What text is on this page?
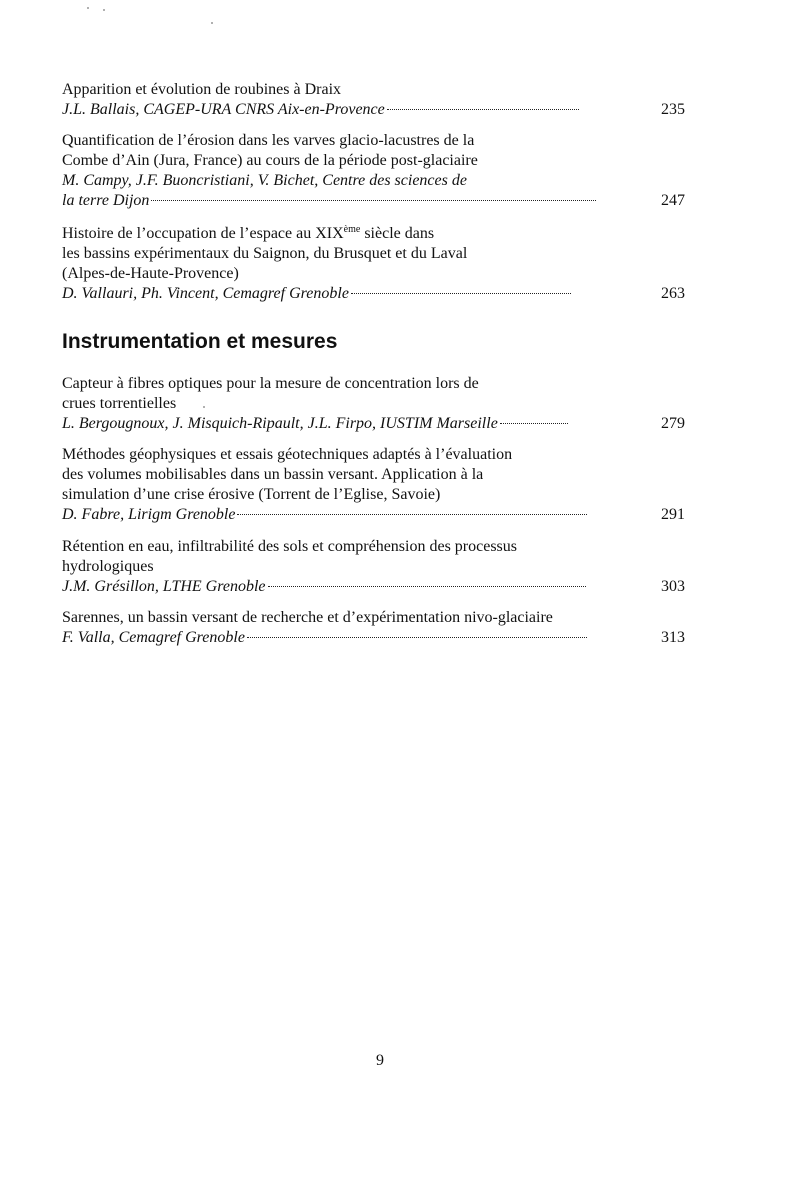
Apparition et évolution de roubines à Draix
J.L. Ballais, CAGEP-URA CNRS Aix-en-Provence	235
Quantification de l’érosion dans les varves glacio-lacustres de la
Combe d’Ain (Jura, France) au cours de la période post-glaciaire
M. Campy, J.F. Buoncristiani, V. Bichet, Centre des sciences de
la terre Dijon	247
Histoire de l’occupation de l’espace au XIXème siècle dans
les bassins expérimentaux du Saignon, du Brusquet et du Laval
(Alpes-de-Haute-Provence)
D. Vallauri, Ph. Vincent, Cemagref Grenoble	263
Instrumentation et mesures
Capteur à fibres optiques pour la mesure de concentration lors de
crues torrentielles
L. Bergougnoux, J. Misquich-Ripault, J.L. Firpo, IUSTIM Marseille	279
Méthodes géophysiques et essais géotechniques adaptés à l’évaluation
des volumes mobilisables dans un bassin versant. Application à la
simulation d’une crise érosive (Torrent de l’Eglise, Savoie)
D. Fabre, Lirigm Grenoble	291
Rétention en eau, infiltrabilité des sols et compréhension des processus
hydrologiques
J.M. Grésillon, LTHE Grenoble	303
Sarennes, un bassin versant de recherche et d’expérimentation nivo-glaciaire
F. Valla, Cemagref Grenoble	313
9
